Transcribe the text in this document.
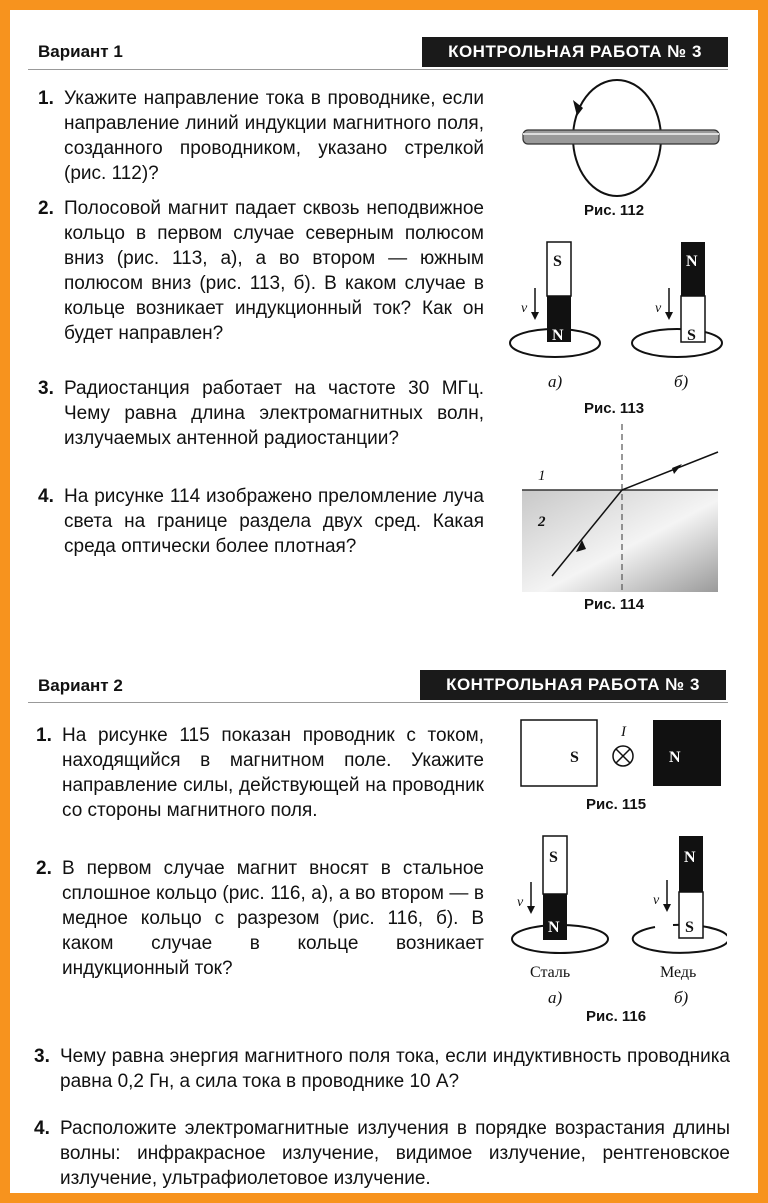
Вариант 1	КОНТРОЛЬНАЯ РАБОТА № 3
1. Укажите направление тока в проводнике, если направление линий индукции магнитного поля, созданного проводником, указано стрелкой (рис. 112)?
2. Полосовой магнит падает сквозь неподвижное кольцо в первом случае северным полюсом вниз (рис. 113, а), а во втором — южным полюсом вниз (рис. 113, б). В каком случае в кольце возникает индукционный ток? Как он будет направлен?
3. Радиостанция работает на частоте 30 МГц. Чему равна длина электромагнитных волн, излучаемых антенной радиостанции?
4. На рисунке 114 изображено преломление луча света на границе раздела двух сред. Какая среда оптически более плотная?
Рис. 112
S
N
v
N
S
v
а)	б)
Рис. 113
1
2
Рис. 114
Вариант 2	КОНТРОЛЬНАЯ РАБОТА № 3
1. На рисунке 115 показан проводник с током, находящийся в магнитном поле. Укажите направление силы, действующей на проводник со стороны магнитного поля.
2. В первом случае магнит вносят в стальное сплошное кольцо (рис. 116, а), а во втором — в медное кольцо с разрезом (рис. 116, б). В каком случае в кольце возникает индукционный ток?
3. Чему равна энергия магнитного поля тока, если индуктивность проводника равна 0,2 Гн, а сила тока в проводнике 10 А?
4. Расположите электромагнитные излучения в порядке возрастания длины волны: инфракрасное излучение, видимое излучение, рентгеновское излучение, ультрафиолетовое излучение.
S	N
I
Рис. 115
S
N
v
N
S
v
Сталь	Медь
а)	б)
Рис. 116
